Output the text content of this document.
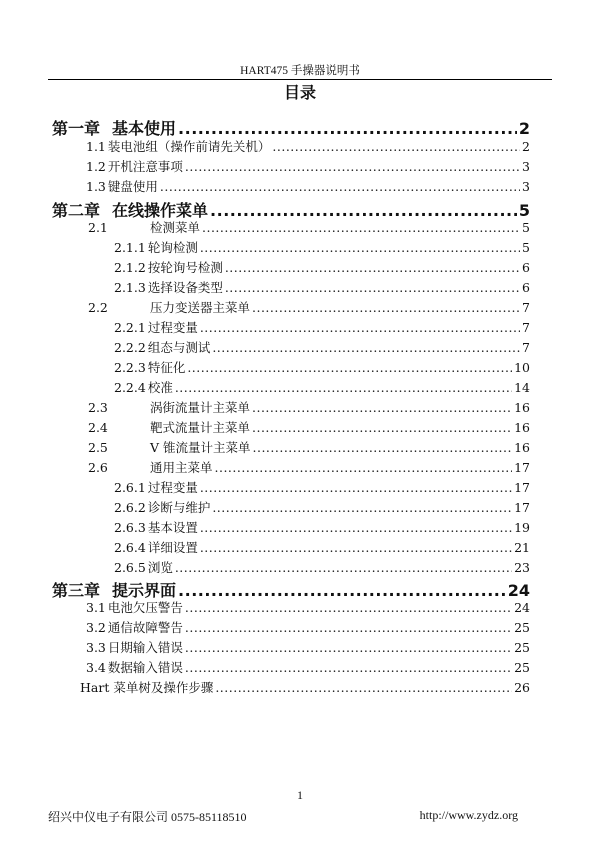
HART475 手操器说明书
目录
第一章 基本使用 .....	2
1.1 装电池组（操作前请先关机） .....	2
1.2 开机注意事项 .....	3
1.3 键盘使用 .....	3
第二章 在线操作菜单 .....	5
2.1	检测菜单 .....	5
2.1.1 轮询检测 .....	5
2.1.2 按轮询号检测 .....	6
2.1.3 选择设备类型 .....	6
2.2	压力变送器主菜单 .....	7
2.2.1 过程变量 .....	7
2.2.2 组态与测试 .....	7
2.2.3 特征化 .....	10
2.2.4 校准 .....	14
2.3	涡街流量计主菜单 .....	16
2.4	靶式流量计主菜单 .....	16
2.5	V 锥流量计主菜单 .....	16
2.6	通用主菜单 .....	17
2.6.1 过程变量 .....	17
2.6.2 诊断与维护 .....	17
2.6.3 基本设置 .....	19
2.6.4 详细设置 .....	21
2.6.5 浏览 .....	23
第三章 提示界面 .....	24
3.1 电池欠压警告 .....	24
3.2 通信故障警告 .....	25
3.3 日期输入错误 .....	25
3.4 数据输入错误 .....	25
Hart 菜单树及操作步骤 .....	26
1
绍兴中仪电子有限公司 0575-85118510	http://www.zydz.org
